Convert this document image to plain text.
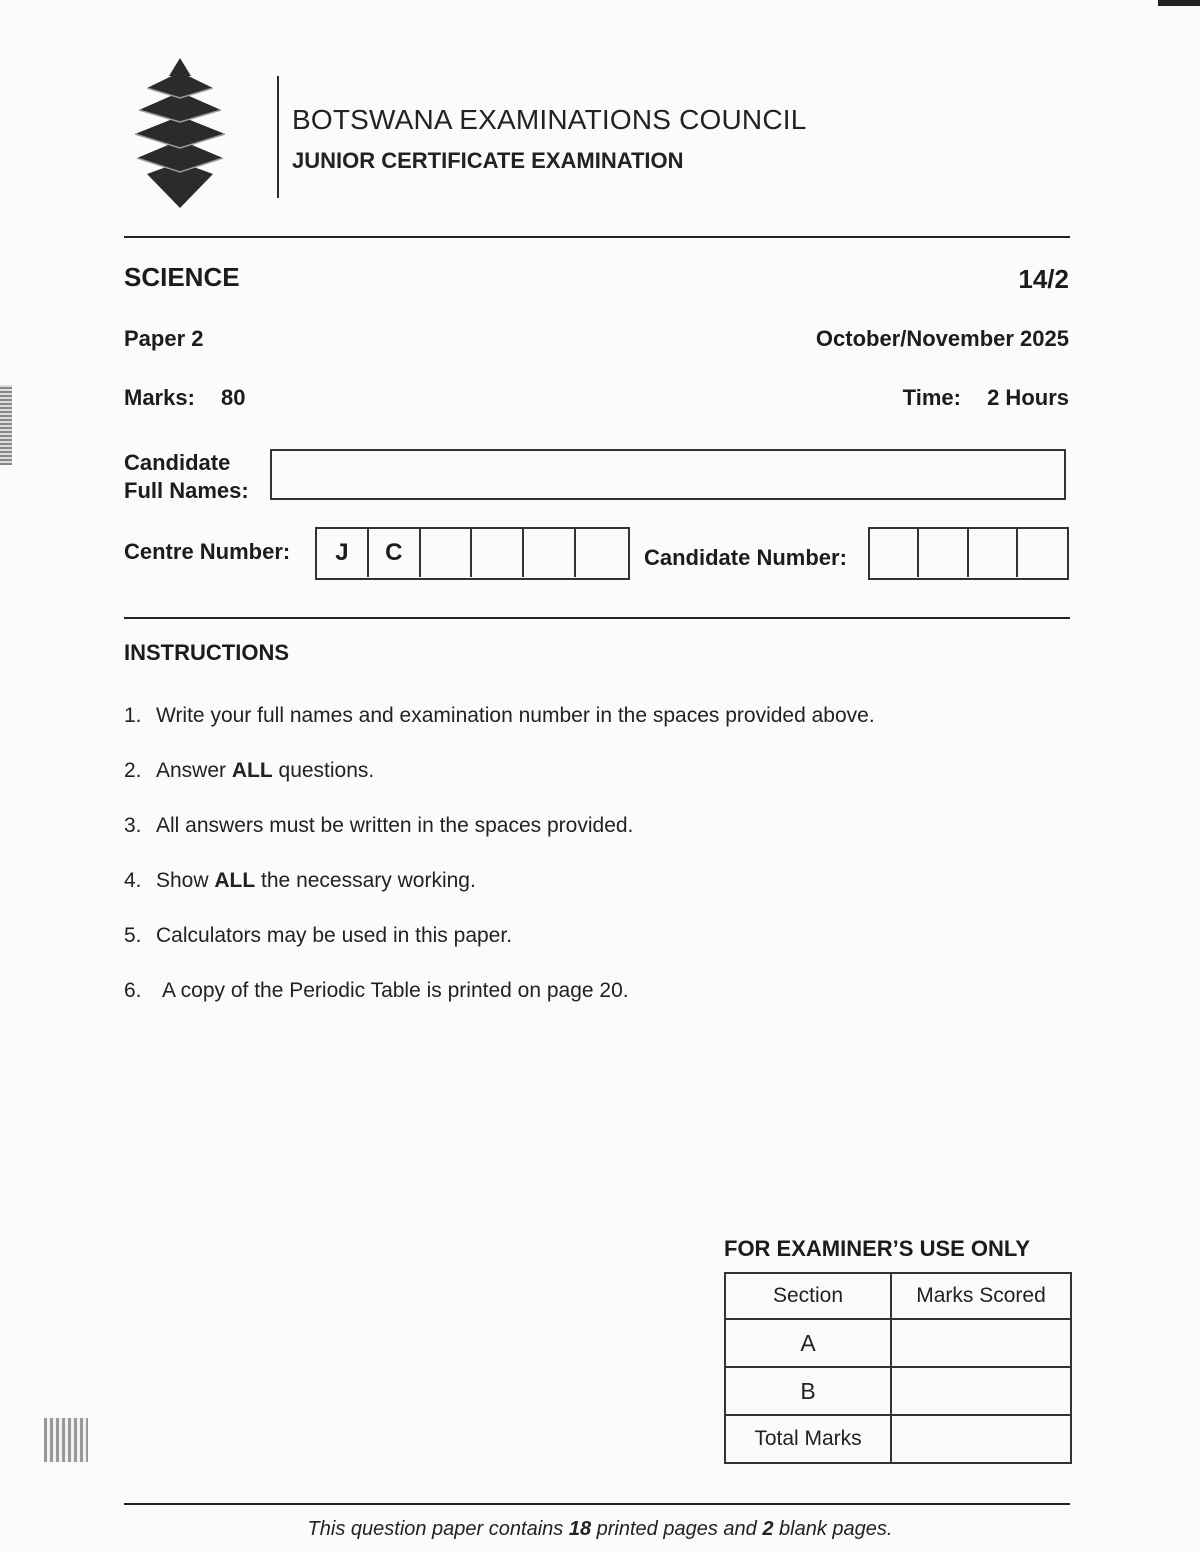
BOTSWANA EXAMINATIONS COUNCIL
JUNIOR CERTIFICATE EXAMINATION
SCIENCE	14/2
Paper 2	October/November 2025
Marks: 80	Time: 2 Hours
Candidate
Full Names:
Centre Number:	J	C	Candidate Number:
INSTRUCTIONS
1. Write your full names and examination number in the spaces provided above.
2. Answer ALL questions.
3. All answers must be written in the spaces provided.
4. Show ALL the necessary working.
5. Calculators may be used in this paper.
6. A copy of the Periodic Table is printed on page 20.
FOR EXAMINER’S USE ONLY
Section	Marks Scored
A	
B	
Total Marks	
This question paper contains 18 printed pages and 2 blank pages.
